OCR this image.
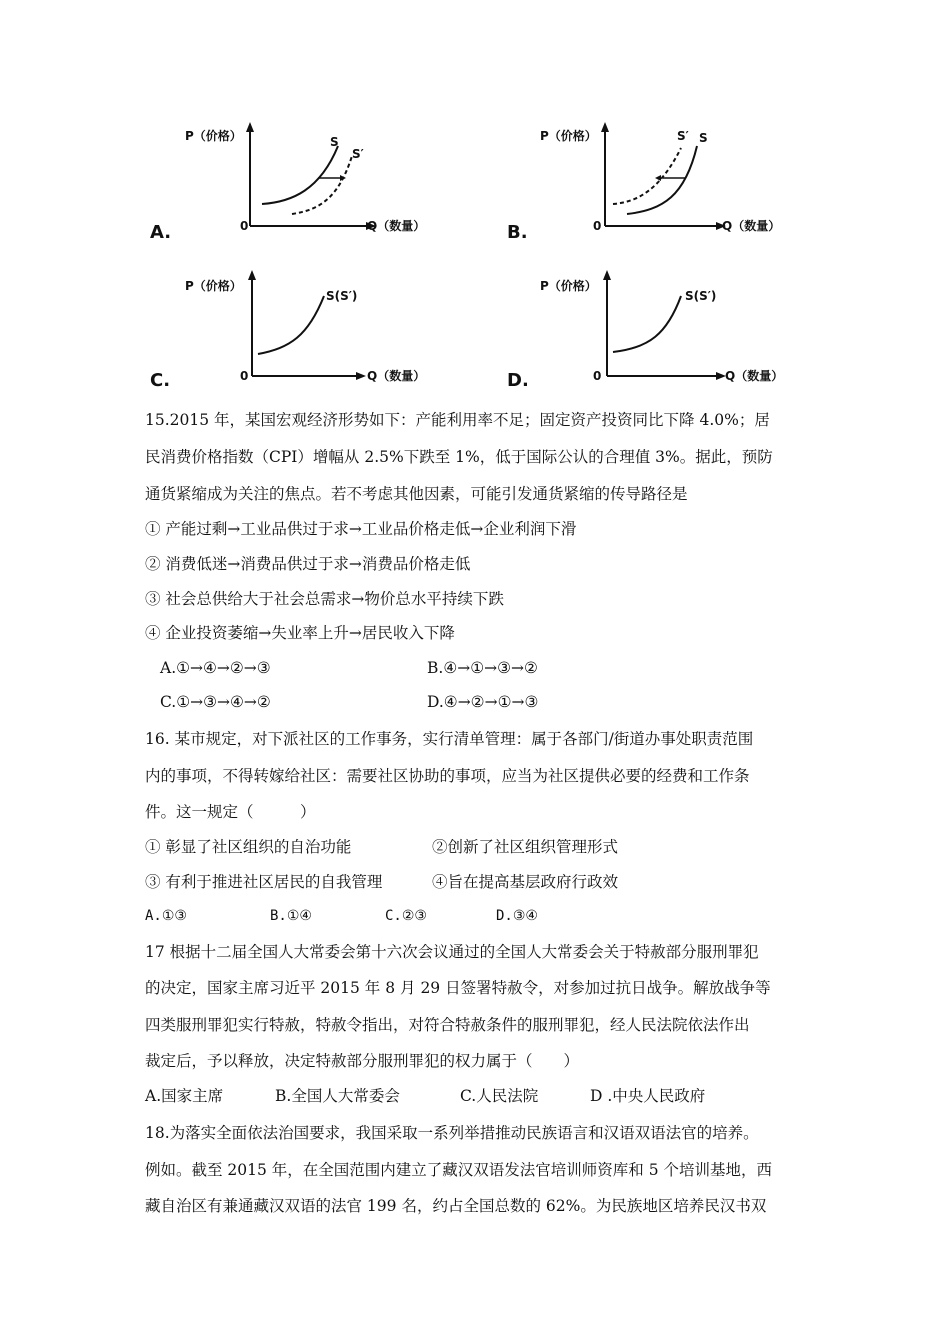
P（价格）
0	Q（数量）
S
S′
A.
P（价格）
0	Q（数量）
S′ S
B.
P（价格）
0	Q（数量）
S(S′)
C.
P（价格）
0	Q（数量）
S(S′)
D.
15.2015 年，某国宏观经济形势如下：产能利用率不足；固定资产投资同比下降 4.0%；居
民消费价格指数（CPI）增幅从 2.5%下跌至 1%，低于国际公认的合理值 3%。据此，预防
通货紧缩成为关注的焦点。若不考虑其他因素，可能引发通货紧缩的传导路径是
① 产能过剩→工业品供过于求→工业品价格走低→企业利润下滑
② 消费低迷→消费品供过于求→消费品价格走低
③ 社会总供给大于社会总需求→物价总水平持续下跌
④ 企业投资萎缩→失业率上升→居民收入下降
A.①→④→②→③	B.④→①→③→②
C.①→③→④→②	D.④→②→①→③
16. 某市规定，对下派社区的工作事务，实行清单管理：属于各部门/街道办事处职责范围
内的事项，不得转嫁给社区：需要社区协助的事项，应当为社区提供必要的经费和工作条
件。这一规定（　　　）
① 彰显了社区组织的自治功能	②创新了社区组织管理形式
③ 有利于推进社区居民的自我管理	④旨在提高基层政府行政效
A.①③	B.①④	C.②③	D.③④
17 根据十二届全国人大常委会第十六次会议通过的全国人大常委会关于特赦部分服刑罪犯
的决定，国家主席习近平 2015 年 8 月 29 日签署特赦令，对参加过抗日战争。解放战争等
四类服刑罪犯实行特赦，特赦令指出，对符合特赦条件的服刑罪犯，经人民法院依法作出
裁定后，予以释放，决定特赦部分服刑罪犯的权力属于（　　）
A.国家主席	B.全国人大常委会	C.人民法院	D .中央人民政府
18.为落实全面依法治国要求，我国采取一系列举措推动民族语言和汉语双语法官的培养。
例如。截至 2015 年，在全国范围内建立了藏汉双语发法官培训师资库和 5 个培训基地，西
藏自治区有兼通藏汉双语的法官 199 名，约占全国总数的 62%。为民族地区培养民汉书双
